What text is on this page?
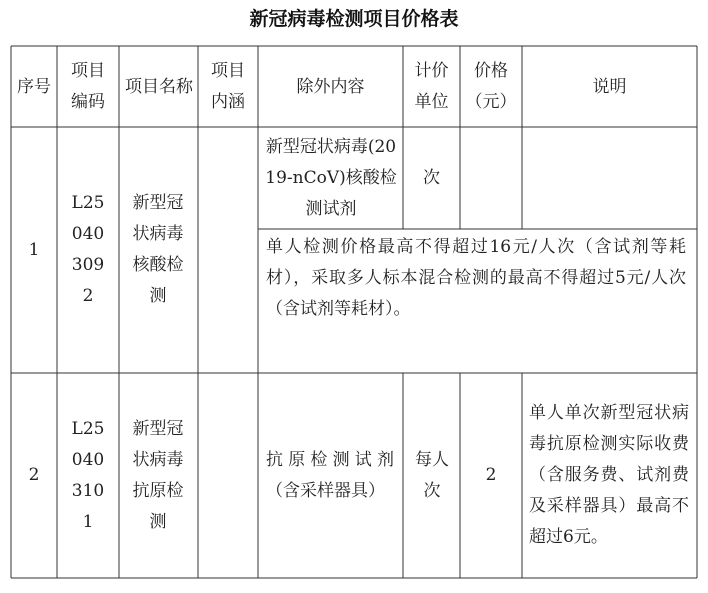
新冠病毒检测项目价格表
序号
项目编码
项目名称
项目内涵
除外内容
计价单位
价格（元）
说明
1
L250403092
新型冠状病毒核酸检测
新型冠状病毒(2019-nCoV)核酸检测试剂
次
单人检测价格最高不得超过16元/人次（含试剂等耗材），采取多人标本混合检测的最高不得超过5元/人次（含试剂等耗材）。
2
L250403101
新型冠状病毒抗原检测
抗原检测试剂（含采样器具）
每人次
2
单人单次新型冠状病毒抗原检测实际收费（含服务费、试剂费及采样器具）最高不超过6元。
